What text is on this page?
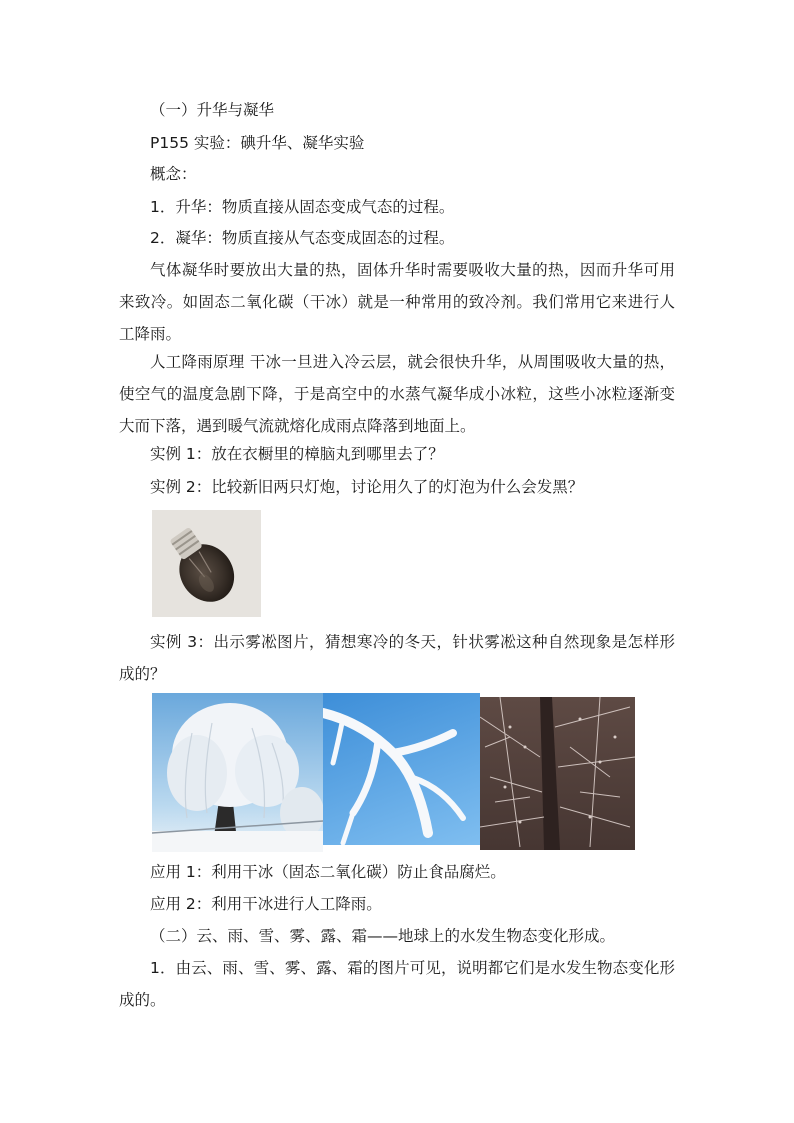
（一）升华与凝华
P155 实验：碘升华、凝华实验
概念：
1．升华：物质直接从固态变成气态的过程。
2．凝华：物质直接从气态变成固态的过程。
气体凝华时要放出大量的热，固体升华时需要吸收大量的热，因而升华可用来致冷。如固态二氧化碳（干冰）就是一种常用的致冷剂。我们常用它来进行人工降雨。
人工降雨原理 干冰一旦进入冷云层，就会很快升华，从周围吸收大量的热，使空气的温度急剧下降，于是高空中的水蒸气凝华成小冰粒，这些小冰粒逐渐变大而下落，遇到暖气流就熔化成雨点降落到地面上。
实例 1：放在衣橱里的樟脑丸到哪里去了？
实例 2：比较新旧两只灯炮，讨论用久了的灯泡为什么会发黑？
实例 3：出示雾凇图片，猜想寒冷的冬天，针状雾凇这种自然现象是怎样形成的？
应用 1：利用干冰（固态二氧化碳）防止食品腐烂。
应用 2：利用干冰进行人工降雨。
（二）云、雨、雪、雾、露、霜——地球上的水发生物态变化形成。
1．由云、雨、雪、雾、露、霜的图片可见，说明都它们是水发生物态变化形成的。
